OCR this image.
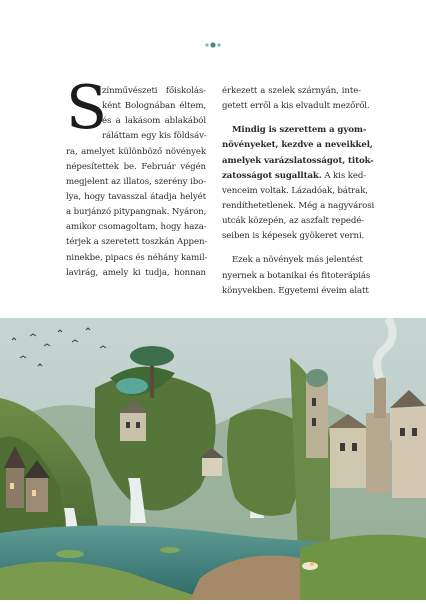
S
zínművészeti főiskolás-
ként Bolognában éltem,
és a lakásom ablakából
ráláttam egy kis földsáv-
ra, amelyet különböző növények
népesítettek be. Február végén
megjelent az illatos, szerény ibo-
lya, hogy tavasszal átadja helyét
a burjánzó pitypangnak. Nyáron,
amikor csomagoltam, hogy haza-
térjek a szeretett toszkán Appen-
ninekbe, pipacs és néhány kamil-
lavirág, amely ki tudja, honnan
érkezett a szelek szárnyán, inte-
getett erről a kis elvadult mezőről.
Mindig is szerettem a gyom-
növényeket, kezdve a neveikkel,
amelyek varázslatosságot, titok-
zatosságot sugalltak. A kis ked-
venceim voltak. Lázadóak, bátrak,
rendíthetetlenek. Még a nagyvárosi
utcák közepén, az aszfalt repedé-
seiben is képesek gyökeret verni.
Ezek a növények más jelentést
nyernek a botanikai és fitoterápiás
könyvekben. Egyetemi éveim alatt
